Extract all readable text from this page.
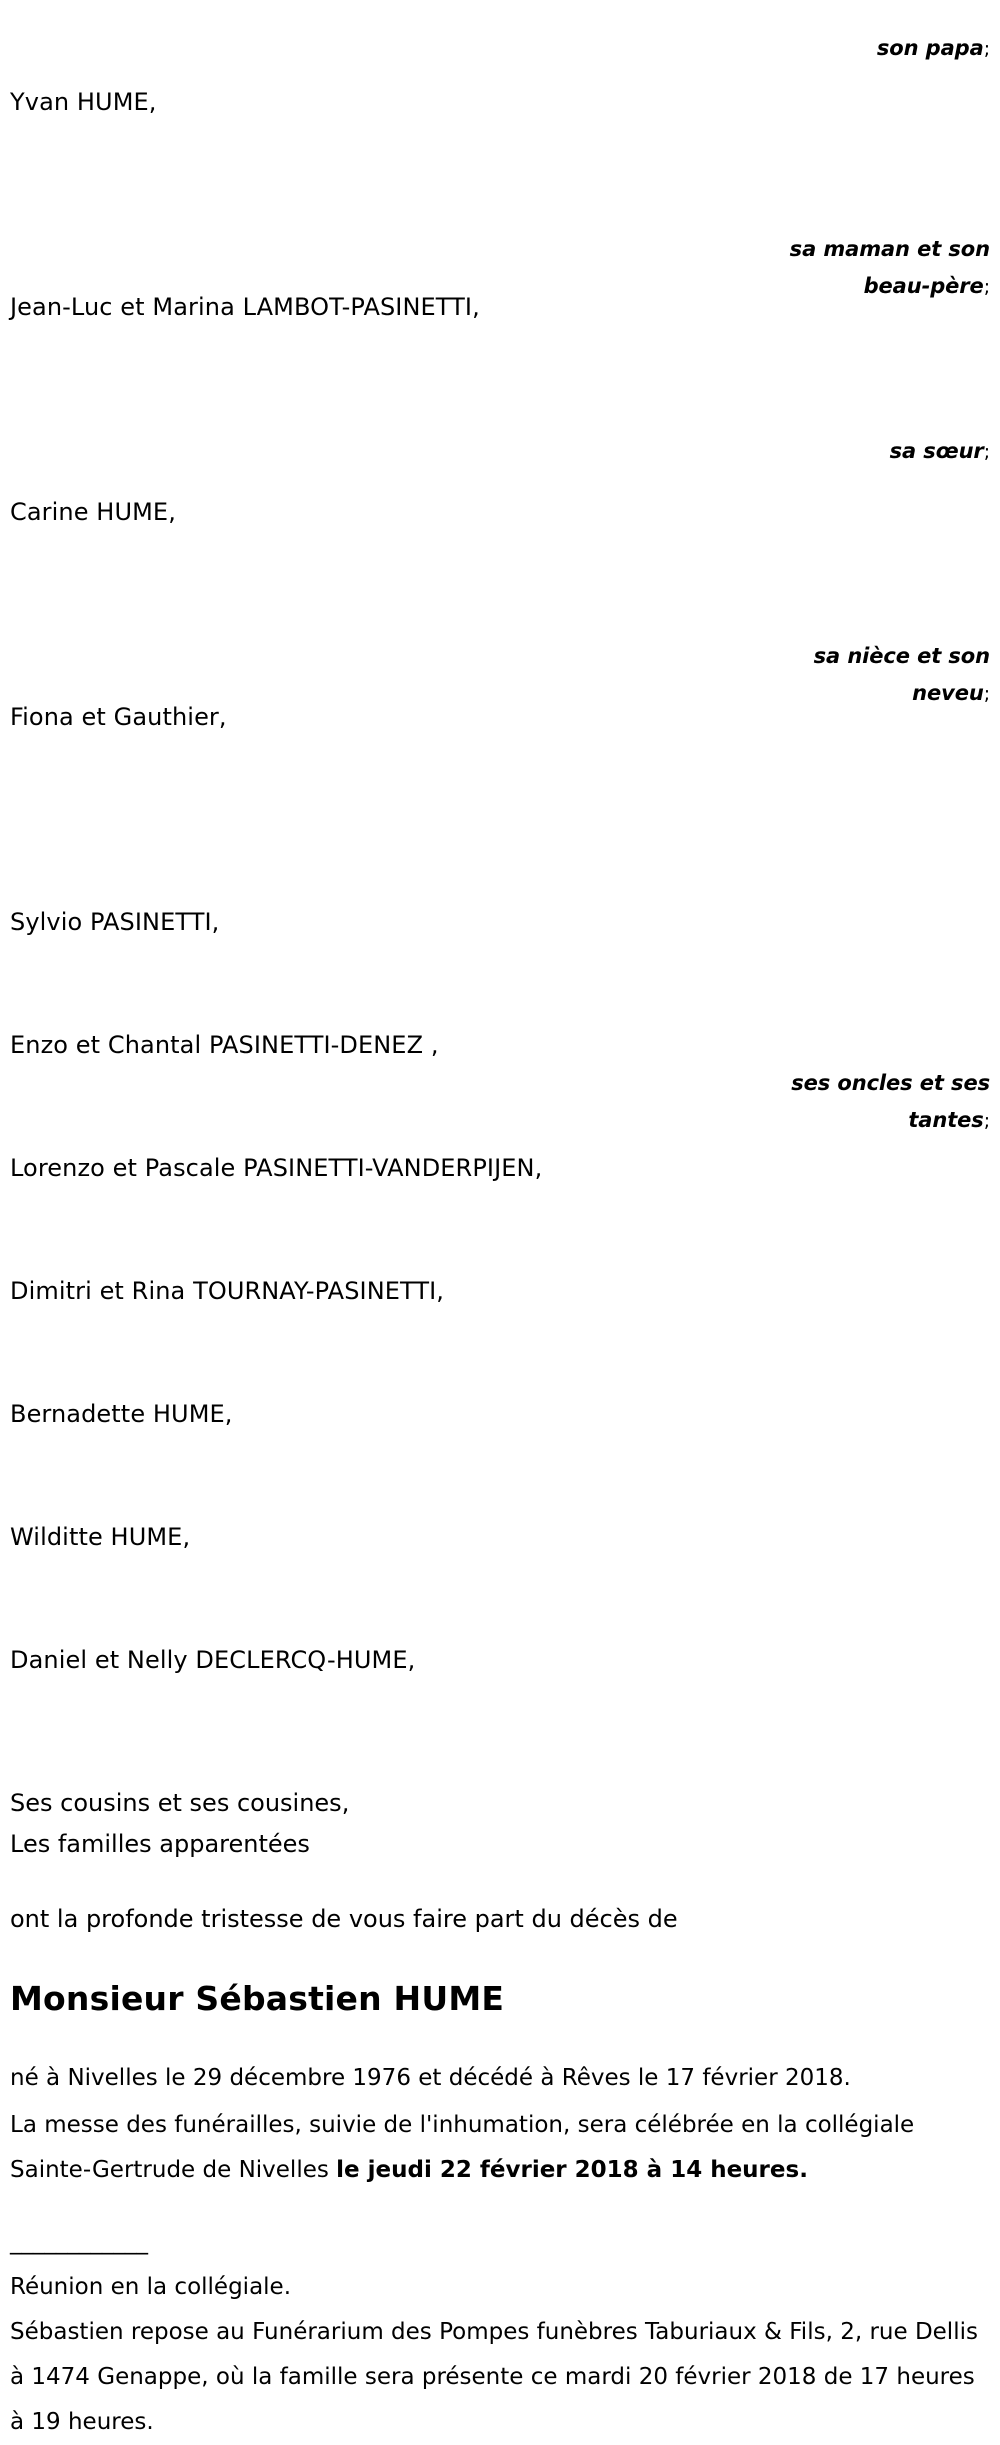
Yvan HUME,

son papa;

Jean-Luc et Marina LAMBOT-PASINETTI,

sa maman et son beau-père;

Carine HUME,

sa sœur;

Fiona et Gauthier,

sa nièce et son neveu;

Sylvio PASINETTI,

Enzo et Chantal PASINETTI-DENEZ ,

Lorenzo et Pascale PASINETTI-VANDERPIJEN,

Dimitri et Rina TOURNAY-PASINETTI,

Bernadette HUME,

Wilditte HUME,

Daniel et Nelly DECLERCQ-HUME,

ses oncles et ses tantes;
Ses cousins et ses cousines,
Les familles apparentées
ont la profonde tristesse de vous faire part du décès de
Monsieur Sébastien HUME

né à Nivelles le 29 décembre 1976 et décédé à Rêves le 17 février 2018.

La messe des funérailles, suivie de l'inhumation, sera célébrée en la collégiale Sainte-Gertrude de Nivelles le jeudi 22 février 2018 à 14 heures.

____________

Réunion en la collégiale.

Sébastien repose au Funérarium des Pompes funèbres Taburiaux & Fils, 2, rue Dellis à 1474 Genappe, où la famille sera présente ce mardi 20 février 2018 de 17 heures à 19 heures.
